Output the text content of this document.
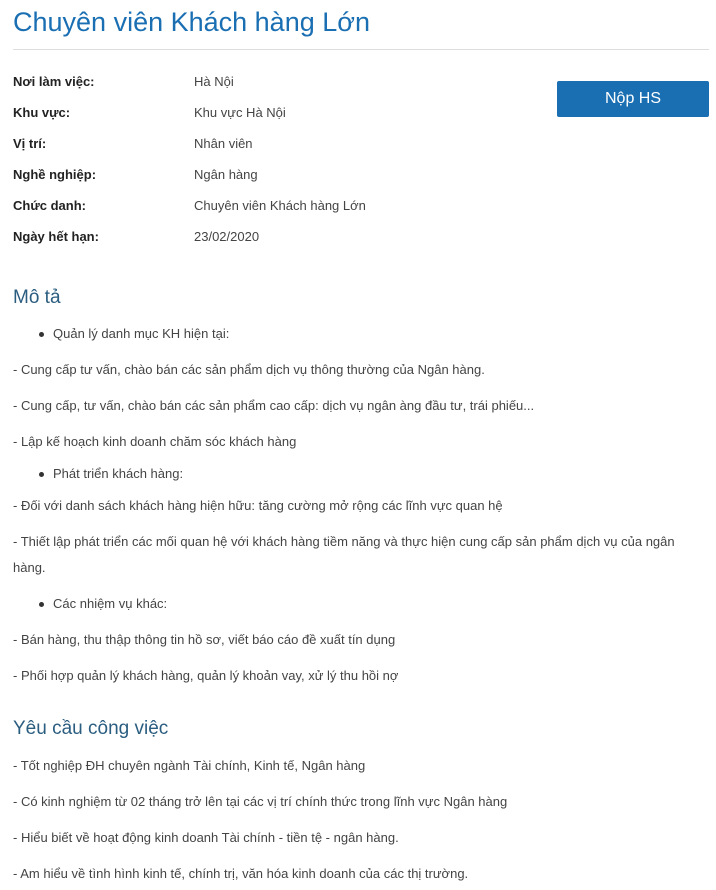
Chuyên viên Khách hàng Lớn
Nơi làm việc:	Hà Nội
Khu vực:	Khu vực Hà Nội
Vị trí:	Nhân viên
Nghề nghiệp:	Ngân hàng
Chức danh:	Chuyên viên Khách hàng Lớn
Ngày hết hạn:	23/02/2020
Nộp HS
Mô tả

Quản lý danh mục KH hiện tại:

- Cung cấp tư vấn, chào bán các sản phẩm dịch vụ thông thường của Ngân hàng.

- Cung cấp, tư vấn, chào bán các sản phẩm cao cấp: dịch vụ ngân àng đầu tư, trái phiếu...

- Lập kế hoạch kinh doanh chăm sóc khách hàng

Phát triển khách hàng:

- Đối với danh sách khách hàng hiện hữu: tăng cường mở rộng các lĩnh vực quan hệ

- Thiết lập phát triển các mối quan hệ với khách hàng tiềm năng và thực hiện cung cấp sản phẩm dịch vụ của ngân hàng.

Các nhiệm vụ khác:

- Bán hàng, thu thập thông tin hồ sơ, viết báo cáo đề xuất tín dụng

- Phối hợp quản lý khách hàng, quản lý khoản vay, xử lý thu hồi nợ

Yêu cầu công việc

- Tốt nghiệp ĐH chuyên ngành Tài chính, Kinh tế, Ngân hàng

- Có kinh nghiệm từ 02 tháng trở lên tại các vị trí chính thức trong lĩnh vực Ngân hàng

- Hiểu biết về hoạt động kinh doanh Tài chính - tiền tệ - ngân hàng.

- Am hiểu về tình hình kinh tế, chính trị, văn hóa kinh doanh của các thị trường.
